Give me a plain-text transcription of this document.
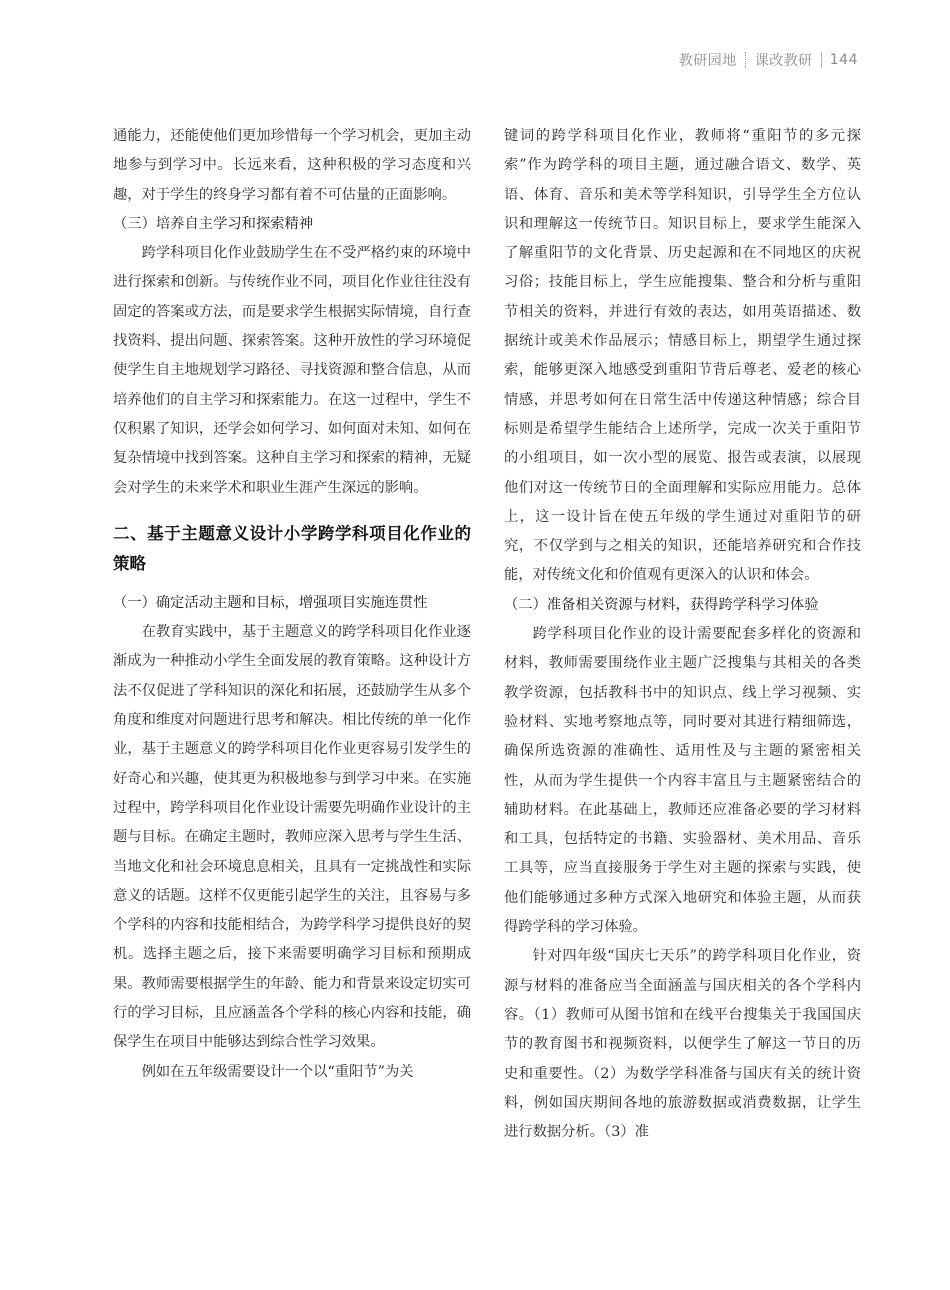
教研园地 课改教研 144

通能力，还能使他们更加珍惜每一个学习机会，更加主动地参与到学习中。长远来看，这种积极的学习态度和兴趣，对于学生的终身学习都有着不可估量的正面影响。

（三）培养自主学习和探索精神

跨学科项目化作业鼓励学生在不受严格约束的环境中进行探索和创新。与传统作业不同，项目化作业往往没有固定的答案或方法，而是要求学生根据实际情境，自行查找资料、提出问题、探索答案。这种开放性的学习环境促使学生自主地规划学习路径、寻找资源和整合信息，从而培养他们的自主学习和探索能力。在这一过程中，学生不仅积累了知识，还学会如何学习、如何面对未知、如何在复杂情境中找到答案。这种自主学习和探索的精神，无疑会对学生的未来学术和职业生涯产生深远的影响。

二、基于主题意义设计小学跨学科项目化作业的策略

（一）确定活动主题和目标，增强项目实施连贯性

在教育实践中，基于主题意义的跨学科项目化作业逐渐成为一种推动小学生全面发展的教育策略。这种设计方法不仅促进了学科知识的深化和拓展，还鼓励学生从多个角度和维度对问题进行思考和解决。相比传统的单一化作业，基于主题意义的跨学科项目化作业更容易引发学生的好奇心和兴趣，使其更为积极地参与到学习中来。在实施过程中，跨学科项目化作业设计需要先明确作业设计的主题与目标。在确定主题时，教师应深入思考与学生生活、当地文化和社会环境息息相关，且具有一定挑战性和实际意义的话题。这样不仅更能引起学生的关注，且容易与多个学科的内容和技能相结合，为跨学科学习提供良好的契机。选择主题之后，接下来需要明确学习目标和预期成果。教师需要根据学生的年龄、能力和背景来设定切实可行的学习目标，且应涵盖各个学科的核心内容和技能，确保学生在项目中能够达到综合性学习效果。

例如在五年级需要设计一个以“重阳节”为关

键词的跨学科项目化作业，教师将“重阳节的多元探索”作为跨学科的项目主题，通过融合语文、数学、英语、体育、音乐和美术等学科知识，引导学生全方位认识和理解这一传统节日。知识目标上，要求学生能深入了解重阳节的文化背景、历史起源和在不同地区的庆祝习俗；技能目标上，学生应能搜集、整合和分析与重阳节相关的资料，并进行有效的表达，如用英语描述、数据统计或美术作品展示；情感目标上，期望学生通过探索，能够更深入地感受到重阳节背后尊老、爱老的核心情感，并思考如何在日常生活中传递这种情感；综合目标则是希望学生能结合上述所学，完成一次关于重阳节的小组项目，如一次小型的展览、报告或表演，以展现他们对这一传统节日的全面理解和实际应用能力。总体上，这一设计旨在使五年级的学生通过对重阳节的研究，不仅学到与之相关的知识，还能培养研究和合作技能，对传统文化和价值观有更深入的认识和体会。

（二）准备相关资源与材料，获得跨学科学习体验

跨学科项目化作业的设计需要配套多样化的资源和材料，教师需要围绕作业主题广泛搜集与其相关的各类教学资源，包括教科书中的知识点、线上学习视频、实验材料、实地考察地点等，同时要对其进行精细筛选，确保所选资源的准确性、适用性及与主题的紧密相关性，从而为学生提供一个内容丰富且与主题紧密结合的辅助材料。在此基础上，教师还应准备必要的学习材料和工具，包括特定的书籍、实验器材、美术用品、音乐工具等，应当直接服务于学生对主题的探索与实践，使他们能够通过多种方式深入地研究和体验主题，从而获得跨学科的学习体验。

针对四年级“国庆七天乐”的跨学科项目化作业，资源与材料的准备应当全面涵盖与国庆相关的各个学科内容。（1）教师可从图书馆和在线平台搜集关于我国国庆节的教育图书和视频资料，以便学生了解这一节日的历史和重要性。（2）为数学学科准备与国庆有关的统计资料，例如国庆期间各地的旅游数据或消费数据，让学生进行数据分析。（3）准
